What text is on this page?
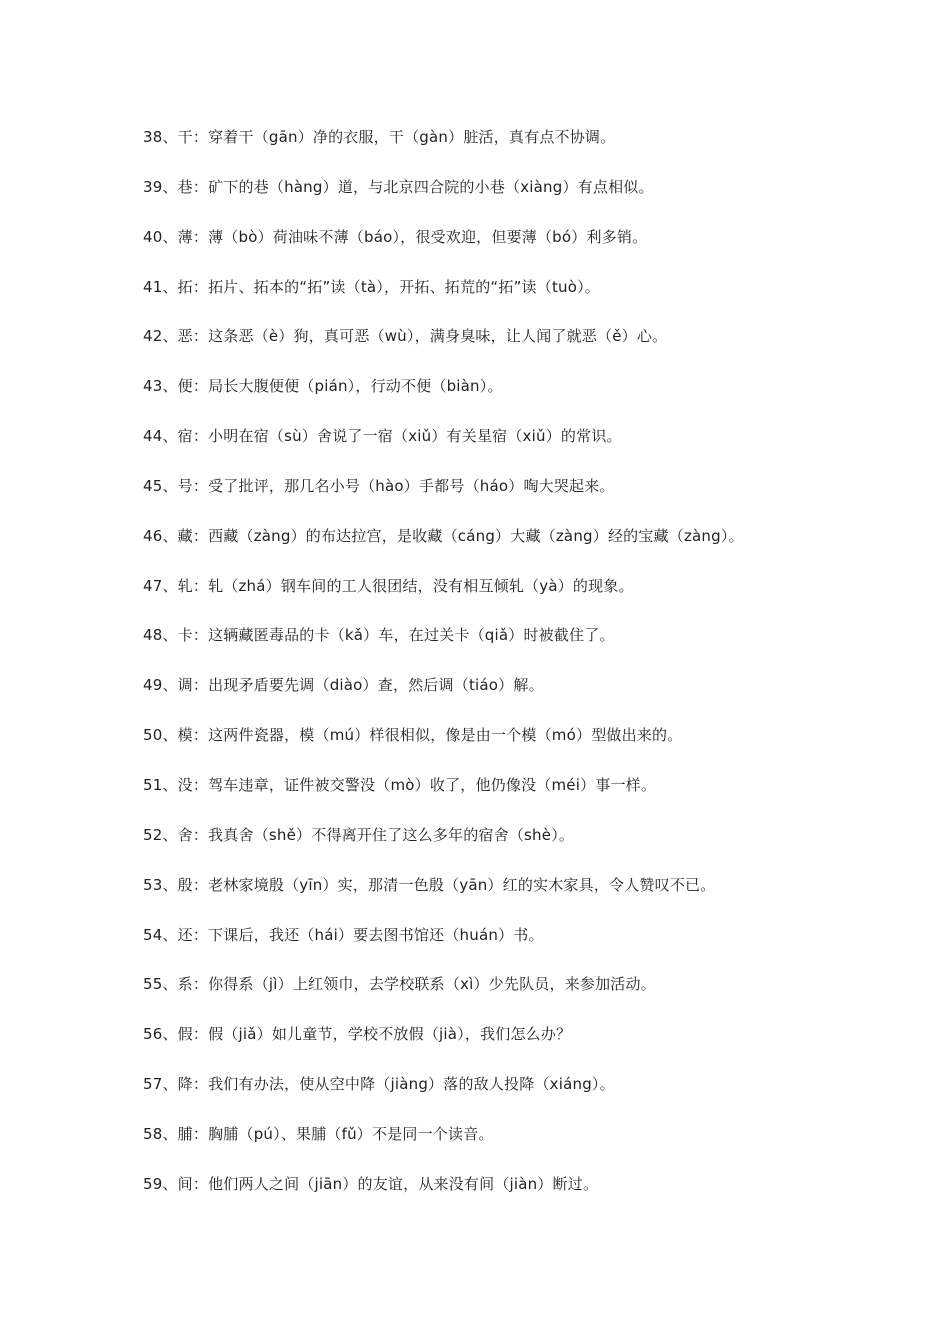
38、干：穿着干（gān）净的衣服，干（gàn）脏活，真有点不协调。
39、巷：矿下的巷（hàng）道，与北京四合院的小巷（xiàng）有点相似。
40、薄：薄（bò）荷油味不薄（báo），很受欢迎，但要薄（bó）利多销。
41、拓：拓片、拓本的“拓”读（tà），开拓、拓荒的“拓”读（tuò）。
42、恶：这条恶（è）狗，真可恶（wù），满身臭味，让人闻了就恶（ě）心。
43、便：局长大腹便便（pián），行动不便（biàn）。
44、宿：小明在宿（sù）舍说了一宿（xiǔ）有关星宿（xiǔ）的常识。
45、号：受了批评，那几名小号（hào）手都号（háo）啕大哭起来。
46、藏：西藏（zàng）的布达拉宫，是收藏（cáng）大藏（zàng）经的宝藏（zàng）。
47、轧：轧（zhá）钢车间的工人很团结，没有相互倾轧（yà）的现象。
48、卡：这辆藏匿毒品的卡（kǎ）车，在过关卡（qiǎ）时被截住了。
49、调：出现矛盾要先调（diào）查，然后调（tiáo）解。
50、模：这两件瓷器，模（mú）样很相似，像是由一个模（mó）型做出来的。
51、没：驾车违章，证件被交警没（mò）收了，他仍像没（méi）事一样。
52、舍：我真舍（shě）不得离开住了这么多年的宿舍（shè）。
53、殷：老林家境殷（yīn）实，那清一色殷（yān）红的实木家具，令人赞叹不已。
54、还：下课后，我还（hái）要去图书馆还（huán）书。
55、系：你得系（jì）上红领巾，去学校联系（xì）少先队员，来参加活动。
56、假：假（jiǎ）如儿童节，学校不放假（jià），我们怎么办？
57、降：我们有办法，使从空中降（jiàng）落的敌人投降（xiáng）。
58、脯：胸脯（pú）、果脯（fǔ）不是同一个读音。
59、间：他们两人之间（jiān）的友谊，从来没有间（jiàn）断过。
